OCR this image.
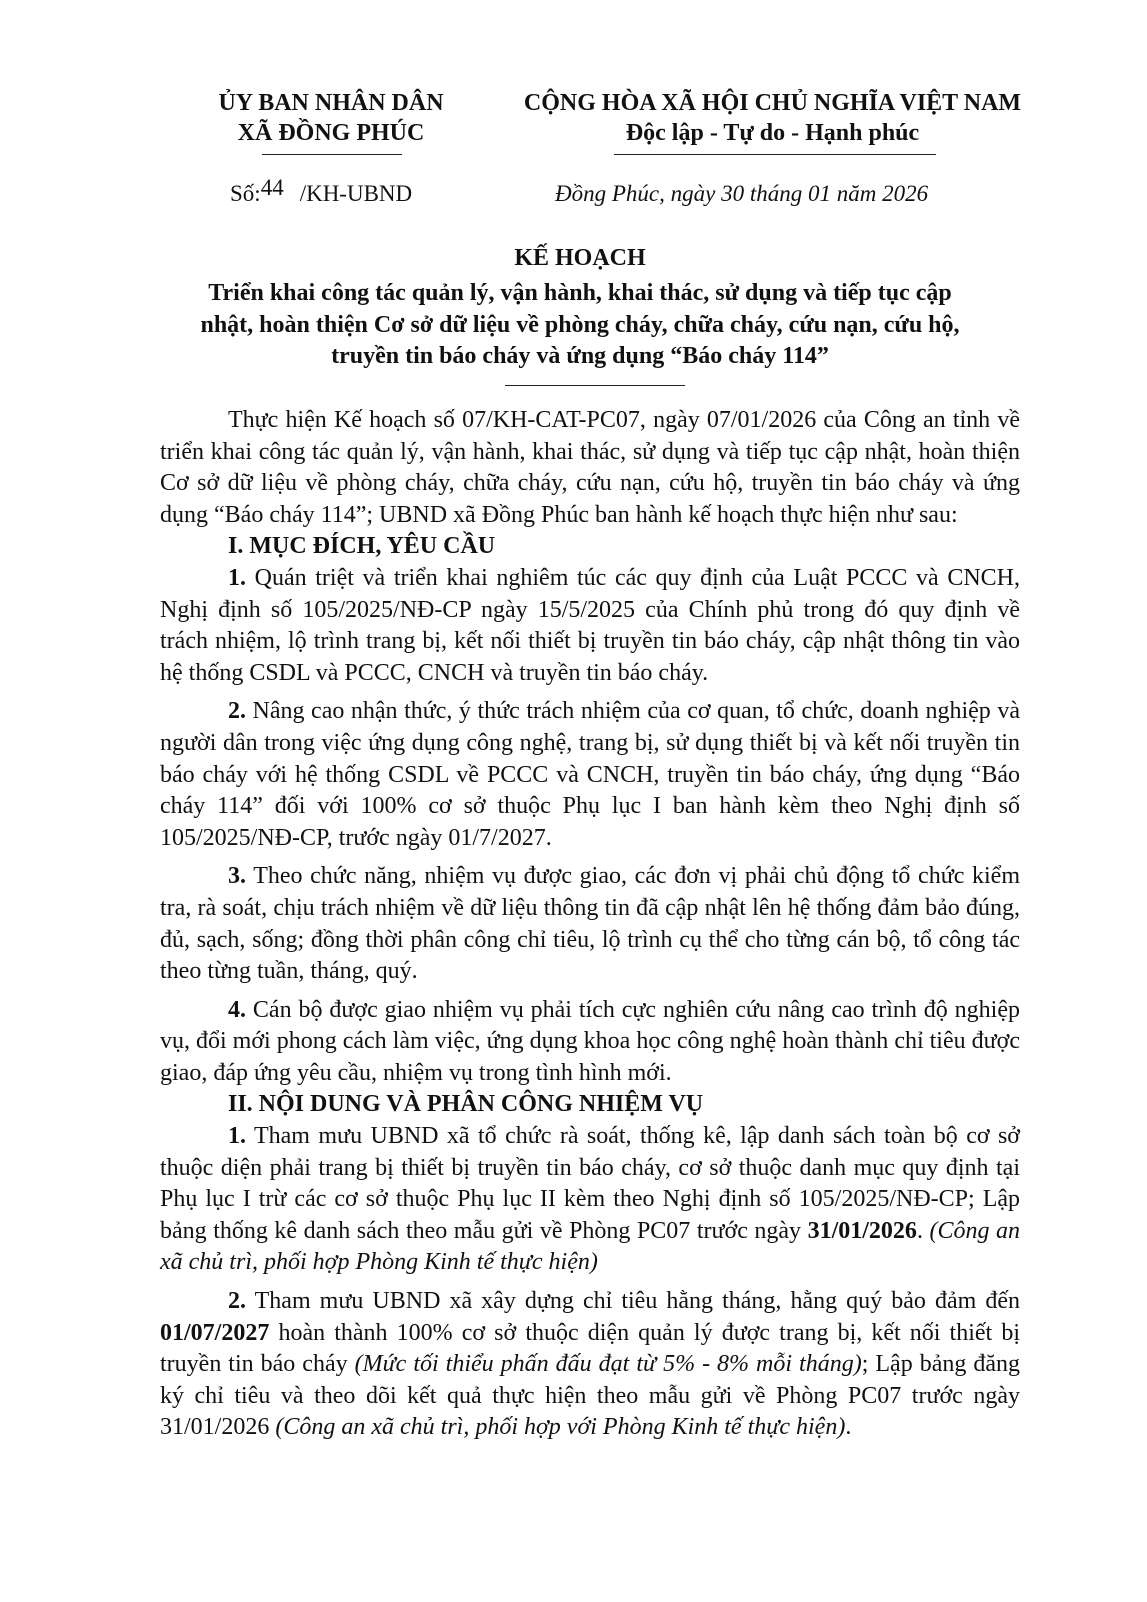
ỦY BAN NHÂN DÂN
XÃ ĐỒNG PHÚC
CỘNG HÒA XÃ HỘI CHỦ NGHĨA VIỆT NAM
Độc lập - Tự do - Hạnh phúc
Số:44 /KH-UBND	Đồng Phúc, ngày 30 tháng 01 năm 2026
KẾ HOẠCH
Triển khai công tác quản lý, vận hành, khai thác, sử dụng và tiếp tục cập
nhật, hoàn thiện Cơ sở dữ liệu về phòng cháy, chữa cháy, cứu nạn, cứu hộ,
truyền tin báo cháy và ứng dụng “Báo cháy 114”

Thực hiện Kế hoạch số 07/KH-CAT-PC07, ngày 07/01/2026 của Công an tỉnh về triển khai công tác quản lý, vận hành, khai thác, sử dụng và tiếp tục cập nhật, hoàn thiện Cơ sở dữ liệu về phòng cháy, chữa cháy, cứu nạn, cứu hộ, truyền tin báo cháy và ứng dụng “Báo cháy 114”; UBND xã Đồng Phúc ban hành kế hoạch thực hiện như sau:

I. MỤC ĐÍCH, YÊU CẦU

1. Quán triệt và triển khai nghiêm túc các quy định của Luật PCCC và CNCH, Nghị định số 105/2025/NĐ-CP ngày 15/5/2025 của Chính phủ trong đó quy định về trách nhiệm, lộ trình trang bị, kết nối thiết bị truyền tin báo cháy, cập nhật thông tin vào hệ thống CSDL và PCCC, CNCH và truyền tin báo cháy.

2. Nâng cao nhận thức, ý thức trách nhiệm của cơ quan, tổ chức, doanh nghiệp và người dân trong việc ứng dụng công nghệ, trang bị, sử dụng thiết bị và kết nối truyền tin báo cháy với hệ thống CSDL về PCCC và CNCH, truyền tin báo cháy, ứng dụng “Báo cháy 114” đối với 100% cơ sở thuộc Phụ lục I ban hành kèm theo Nghị định số 105/2025/NĐ-CP, trước ngày 01/7/2027.

3. Theo chức năng, nhiệm vụ được giao, các đơn vị phải chủ động tổ chức kiểm tra, rà soát, chịu trách nhiệm về dữ liệu thông tin đã cập nhật lên hệ thống đảm bảo đúng, đủ, sạch, sống; đồng thời phân công chỉ tiêu, lộ trình cụ thể cho từng cán bộ, tổ công tác theo từng tuần, tháng, quý.

4. Cán bộ được giao nhiệm vụ phải tích cực nghiên cứu nâng cao trình độ nghiệp vụ, đổi mới phong cách làm việc, ứng dụng khoa học công nghệ hoàn thành chỉ tiêu được giao, đáp ứng yêu cầu, nhiệm vụ trong tình hình mới.

II. NỘI DUNG VÀ PHÂN CÔNG NHIỆM VỤ

1. Tham mưu UBND xã tổ chức rà soát, thống kê, lập danh sách toàn bộ cơ sở thuộc diện phải trang bị thiết bị truyền tin báo cháy, cơ sở thuộc danh mục quy định tại Phụ lục I trừ các cơ sở thuộc Phụ lục II kèm theo Nghị định số 105/2025/NĐ-CP; Lập bảng thống kê danh sách theo mẫu gửi về Phòng PC07 trước ngày 31/01/2026. (Công an xã chủ trì, phối hợp Phòng Kinh tế thực hiện)

2. Tham mưu UBND xã xây dựng chỉ tiêu hằng tháng, hằng quý bảo đảm đến 01/07/2027 hoàn thành 100% cơ sở thuộc diện quản lý được trang bị, kết nối thiết bị truyền tin báo cháy (Mức tối thiểu phấn đấu đạt từ 5% - 8% mỗi tháng); Lập bảng đăng ký chỉ tiêu và theo dõi kết quả thực hiện theo mẫu gửi về Phòng PC07 trước ngày 31/01/2026 (Công an xã chủ trì, phối hợp với Phòng Kinh tế thực hiện).
